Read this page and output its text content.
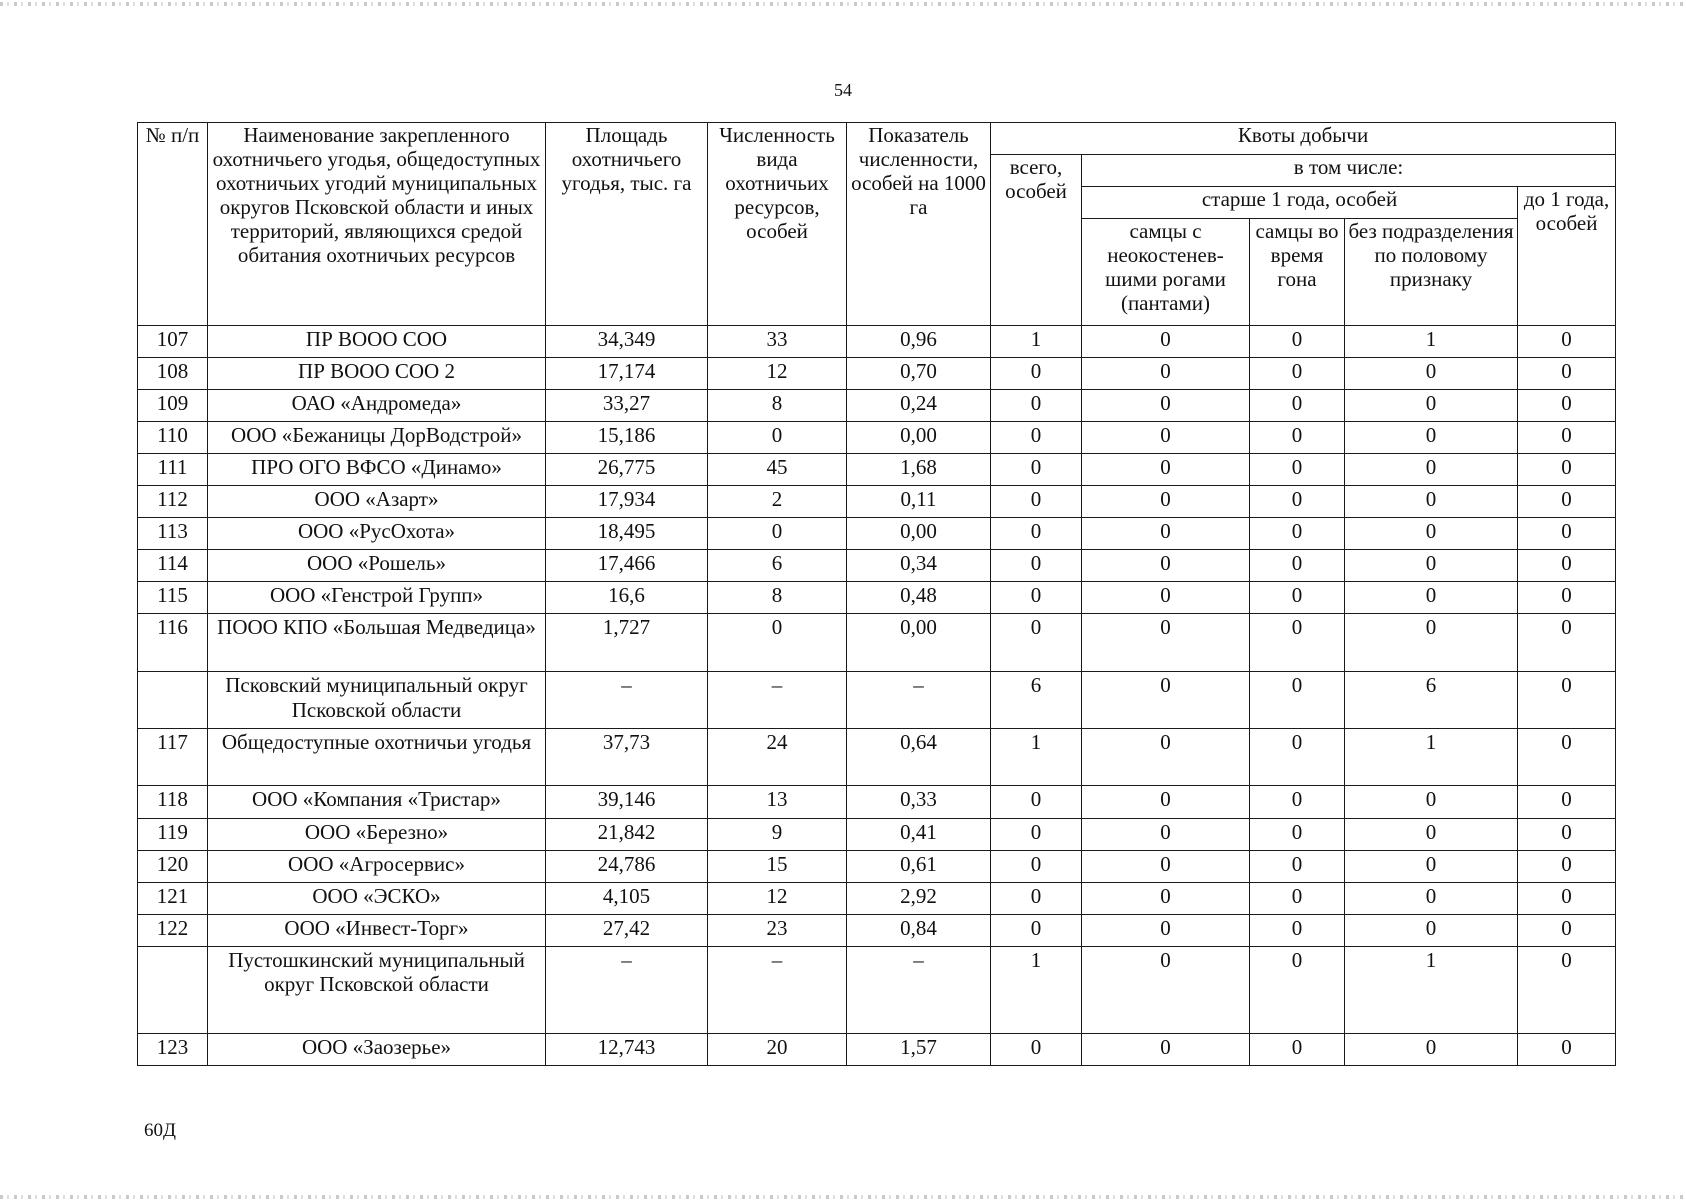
54
№ п/п	Наименование закрепленного охотничьего угодья, общедоступных охотничьих угодий муниципальных округов Псковской области и иных территорий, являющихся средой обитания охотничьих ресурсов	Площадь охотничьего угодья, тыс. га	Численность вида охотничьих ресурсов, особей	Показатель численности, особей на 1000 га	Квоты добычи				
					всего, особей	в том числе:			
						старше 1 года, особей			до 1 года, особей
						самцы с неокостенев-шими рогами (пантами)	самцы во время гона	без подразделения по половому признаку	
107	ПР ВООО СОО	34,349	33	0,96	1	0	0	1	0
108	ПР ВООО СОО 2	17,174	12	0,70	0	0	0	0	0
109	ОАО «Андромеда»	33,27	8	0,24	0	0	0	0	0
110	ООО «Бежаницы ДорВодстрой»	15,186	0	0,00	0	0	0	0	0
111	ПРО ОГО ВФСО «Динамо»	26,775	45	1,68	0	0	0	0	0
112	ООО «Азарт»	17,934	2	0,11	0	0	0	0	0
113	ООО «РусОхота»	18,495	0	0,00	0	0	0	0	0
114	ООО «Рошель»	17,466	6	0,34	0	0	0	0	0
115	ООО «Генстрой Групп»	16,6	8	0,48	0	0	0	0	0
116	ПООО КПО «Большая Медведица»	1,727	0	0,00	0	0	0	0	0
	Псковский муниципальный округ Псковской области	–	–	–	6	0	0	6	0
117	Общедоступные охотничьи угодья	37,73	24	0,64	1	0	0	1	0
118	ООО «Компания «Тристар»	39,146	13	0,33	0	0	0	0	0
119	ООО «Березно»	21,842	9	0,41	0	0	0	0	0
120	ООО «Агросервис»	24,786	15	0,61	0	0	0	0	0
121	ООО «ЭСКО»	4,105	12	2,92	0	0	0	0	0
122	ООО «Инвест-Торг»	27,42	23	0,84	0	0	0	0	0
	Пустошкинский муниципальный округ Псковской области	–	–	–	1	0	0	1	0
123	ООО «Заозерье»	12,743	20	1,57	0	0	0	0	0
60Д
